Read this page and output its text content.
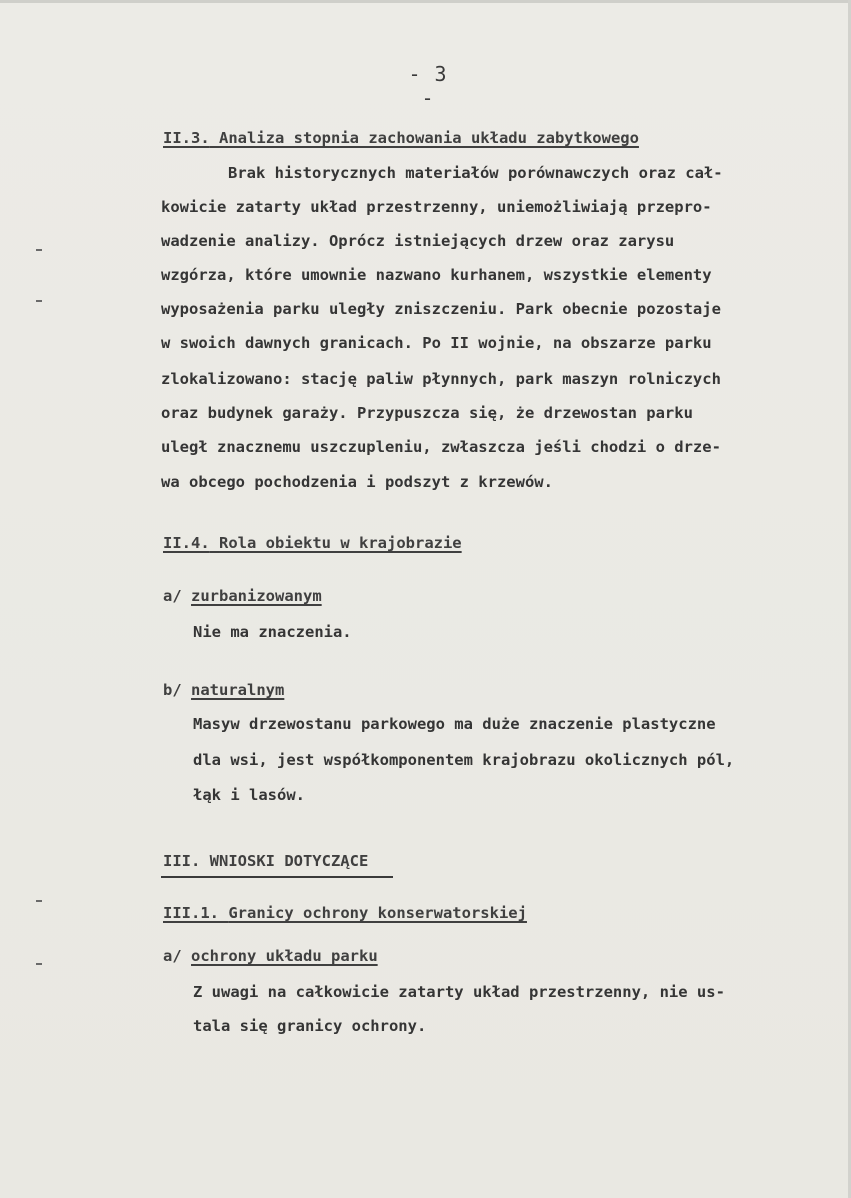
- 3 -
II.3. Analiza stopnia zachowania układu zabytkowego
Brak historycznych materiałów porównawczych oraz cał-
kowicie zatarty układ przestrzenny, uniemożliwiają przepro-
wadzenie analizy. Oprócz istniejących drzew oraz zarysu
wzgórza, które umownie nazwano kurhanem, wszystkie elementy
wyposażenia parku uległy zniszczeniu. Park obecnie pozostaje
w swoich dawnych granicach. Po II wojnie, na obszarze parku
zlokalizowano: stację paliw płynnych, park maszyn rolniczych
oraz budynek garaży. Przypuszcza się, że drzewostan parku
uległ znacznemu uszczupleniu, zwłaszcza jeśli chodzi o drze-
wa obcego pochodzenia i podszyt z krzewów.
II.4. Rola obiektu w krajobrazie
a/ zurbanizowanym
Nie ma znaczenia.
b/ naturalnym
Masyw drzewostanu parkowego ma duże znaczenie plastyczne
dla wsi, jest współkomponentem krajobrazu okolicznych pól,
łąk i lasów.
III. WNIOSKI DOTYCZĄCE
III.1. Granicy ochrony konserwatorskiej
a/ ochrony układu parku
Z uwagi na całkowicie zatarty układ przestrzenny, nie us-
tala się granicy ochrony.
